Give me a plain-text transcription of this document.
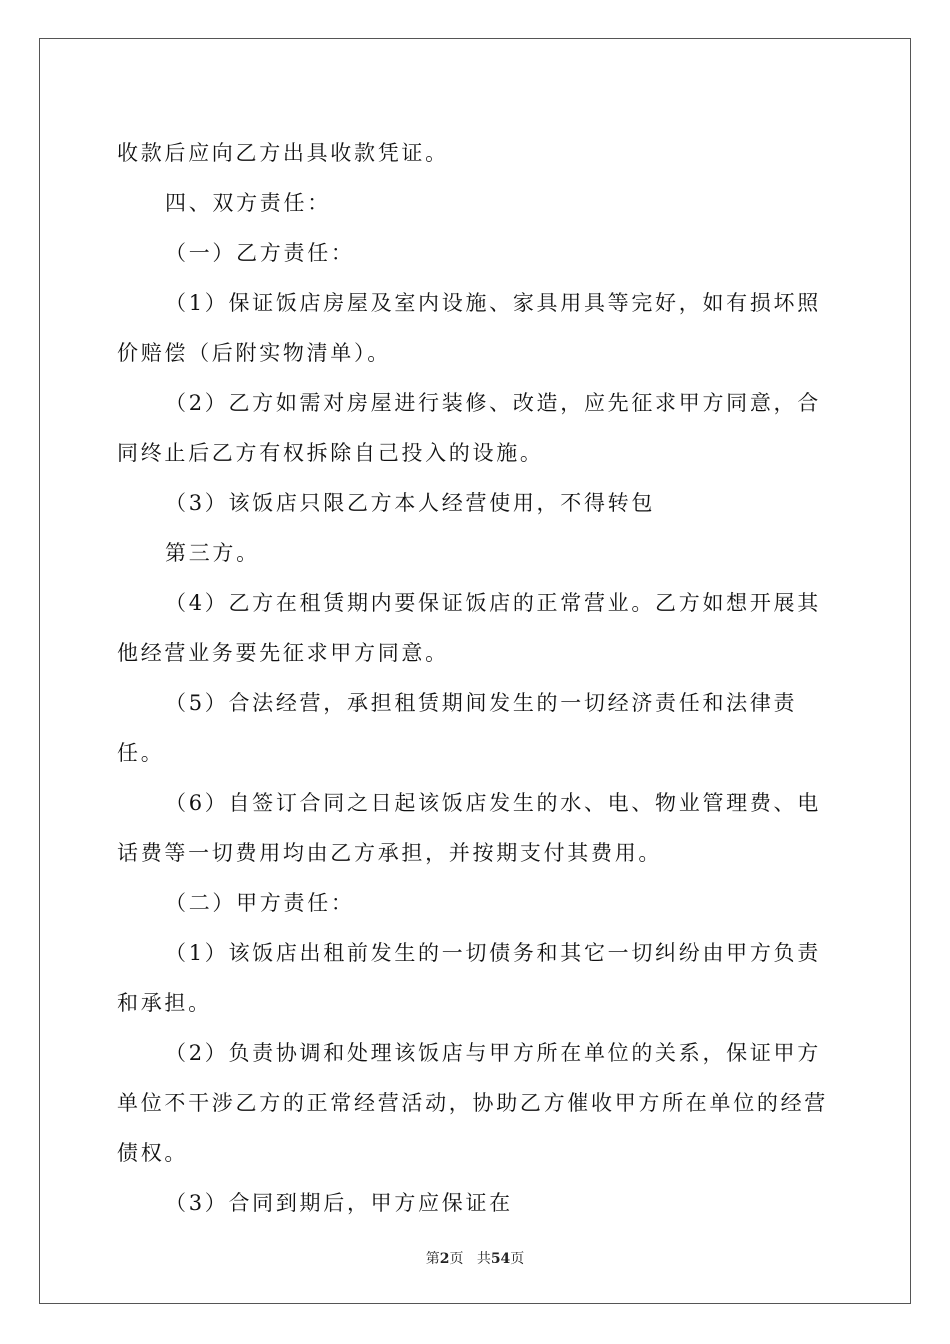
收款后应向乙方出具收款凭证。

四、双方责任：

（一）乙方责任：

（1）保证饭店房屋及室内设施、家具用具等完好，如有损坏照价赔偿（后附实物清单）。

（2）乙方如需对房屋进行装修、改造，应先征求甲方同意，合同终止后乙方有权拆除自己投入的设施。

（3）该饭店只限乙方本人经营使用，不得转包

第三方。

（4）乙方在租赁期内要保证饭店的正常营业。乙方如想开展其他经营业务要先征求甲方同意。

（5）合法经营，承担租赁期间发生的一切经济责任和法律责任。

（6）自签订合同之日起该饭店发生的水、电、物业管理费、电话费等一切费用均由乙方承担，并按期支付其费用。

（二）甲方责任：

（1）该饭店出租前发生的一切债务和其它一切纠纷由甲方负责和承担。

（2）负责协调和处理该饭店与甲方所在单位的关系，保证甲方单位不干涉乙方的正常经营活动，协助乙方催收甲方所在单位的经营债权。

（3）合同到期后，甲方应保证在

第2页 共54页
